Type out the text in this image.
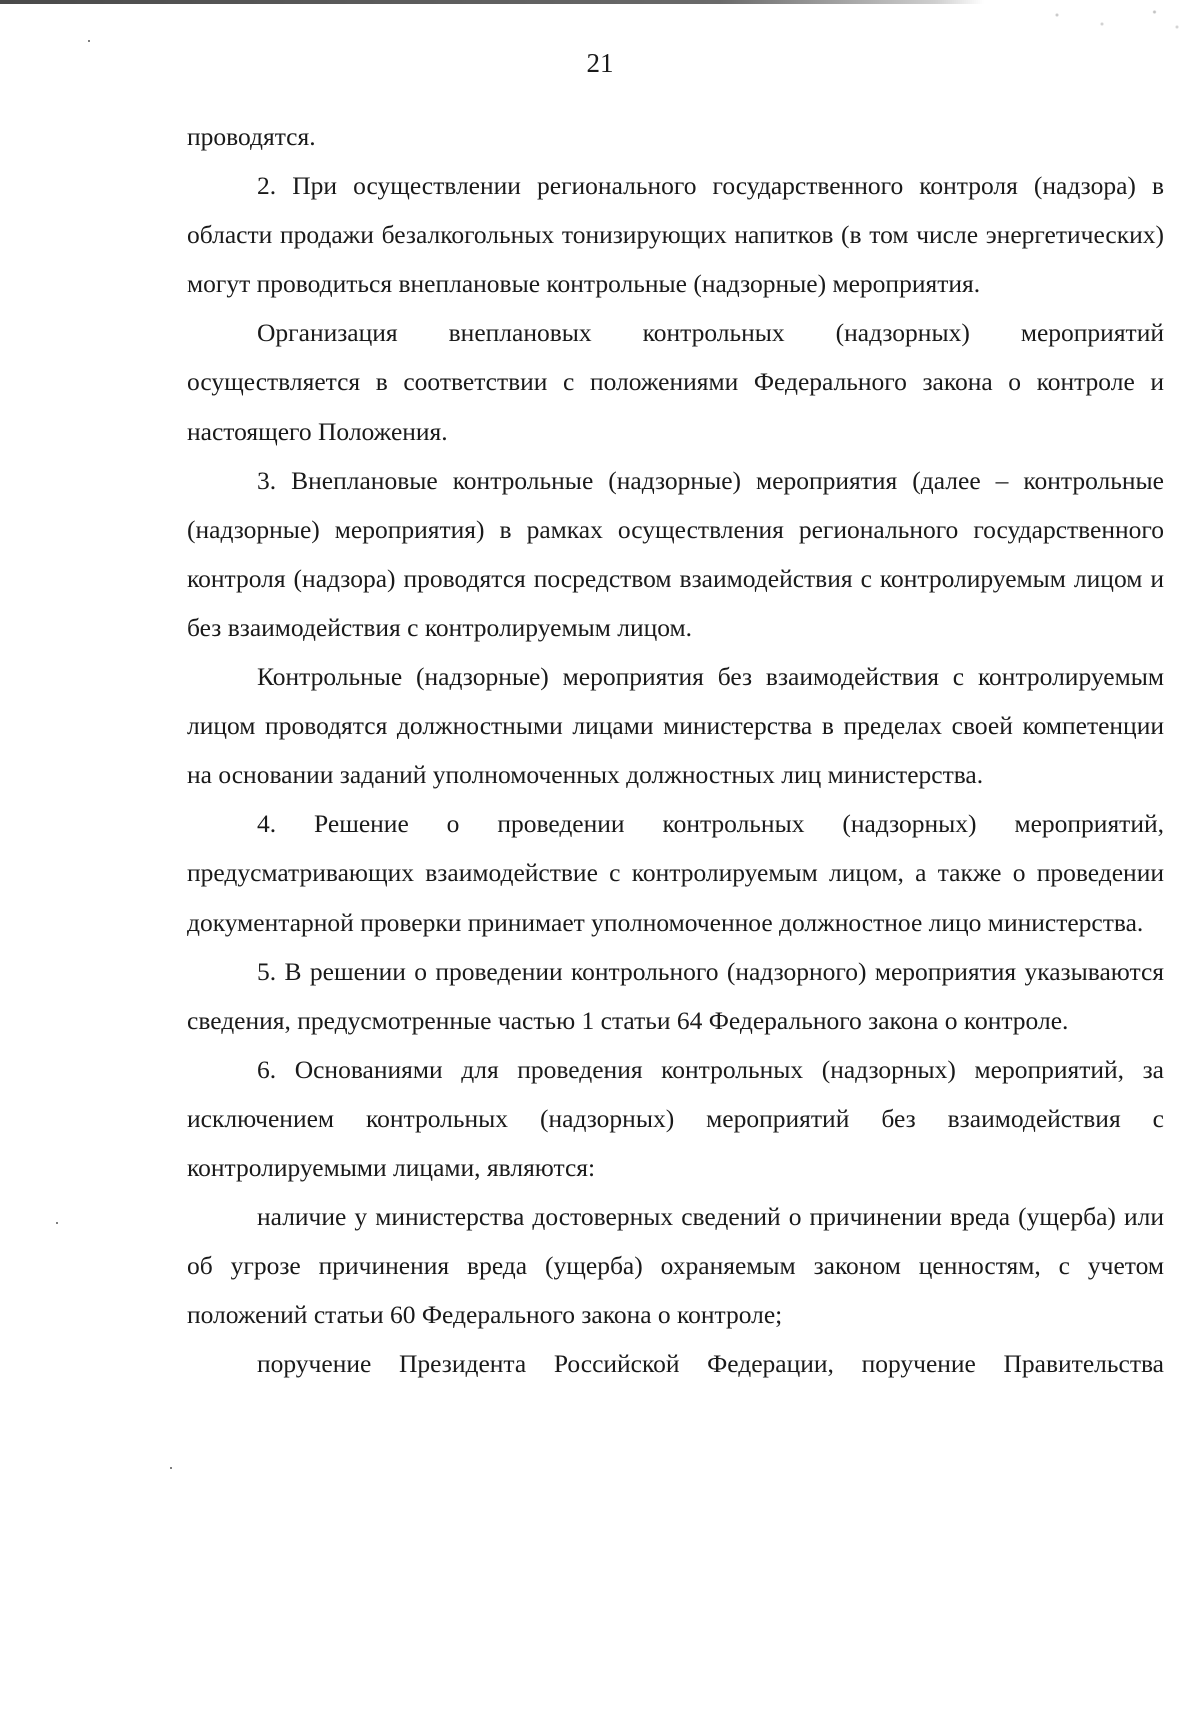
21

проводятся.

2. При осуществлении регионального государственного контроля (надзора) в области продажи безалкогольных тонизирующих напитков (в том числе энергетических) могут проводиться внеплановые контрольные (надзорные) мероприятия.

Организация внеплановых контрольных (надзорных) мероприятий осуществляется в соответствии с положениями Федерального закона о контроле и настоящего Положения.

3. Внеплановые контрольные (надзорные) мероприятия (далее – контрольные (надзорные) мероприятия) в рамках осуществления регионального государственного контроля (надзора) проводятся посредством взаимодействия с контролируемым лицом и без взаимодействия с контролируемым лицом.

Контрольные (надзорные) мероприятия без взаимодействия с контролируемым лицом проводятся должностными лицами министерства в пределах своей компетенции на основании заданий уполномоченных должностных лиц министерства.

4. Решение о проведении контрольных (надзорных) мероприятий, предусматривающих взаимодействие с контролируемым лицом, а также о проведении документарной проверки принимает уполномоченное должностное лицо министерства.

5. В решении о проведении контрольного (надзорного) мероприятия указываются сведения, предусмотренные частью 1 статьи 64 Федерального закона о контроле.

6. Основаниями для проведения контрольных (надзорных) мероприятий, за исключением контрольных (надзорных) мероприятий без взаимодействия с контролируемыми лицами, являются:

наличие у министерства достоверных сведений о причинении вреда (ущерба) или об угрозе причинения вреда (ущерба) охраняемым законом ценностям, с учетом положений статьи 60 Федерального закона о контроле;

поручение Президента Российской Федерации, поручение Правительства
